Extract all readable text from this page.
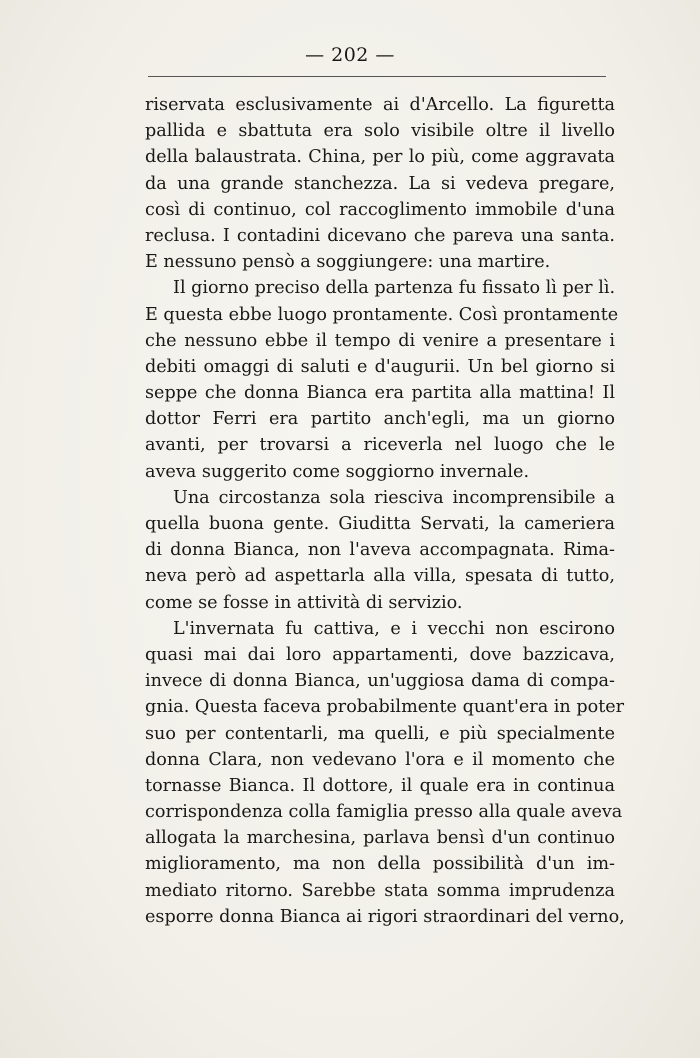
— 202 —
riservata esclusivamente ai d'Arcello. La figuretta
pallida e sbattuta era solo visibile oltre il livello
della balaustrata. China, per lo più, come aggravata
da una grande stanchezza. La si vedeva pregare,
così di continuo, col raccoglimento immobile d'una
reclusa. I contadini dicevano che pareva una santa.
E nessuno pensò a soggiungere: una martire.
Il giorno preciso della partenza fu fissato lì per lì.
E questa ebbe luogo prontamente. Così prontamente
che nessuno ebbe il tempo di venire a presentare i
debiti omaggi di saluti e d'augurii. Un bel giorno si
seppe che donna Bianca era partita alla mattina! Il
dottor Ferri era partito anch'egli, ma un giorno
avanti, per trovarsi a riceverla nel luogo che le
aveva suggerito come soggiorno invernale.
Una circostanza sola riesciva incomprensibile a
quella buona gente. Giuditta Servati, la cameriera
di donna Bianca, non l'aveva accompagnata. Rima-
neva però ad aspettarla alla villa, spesata di tutto,
come se fosse in attività di servizio.
L'invernata fu cattiva, e i vecchi non escirono
quasi mai dai loro appartamenti, dove bazzicava,
invece di donna Bianca, un'uggiosa dama di compa-
gnia. Questa faceva probabilmente quant'era in poter
suo per contentarli, ma quelli, e più specialmente
donna Clara, non vedevano l'ora e il momento che
tornasse Bianca. Il dottore, il quale era in continua
corrispondenza colla famiglia presso alla quale aveva
allogata la marchesina, parlava bensì d'un continuo
miglioramento, ma non della possibilità d'un im-
mediato ritorno. Sarebbe stata somma imprudenza
esporre donna Bianca ai rigori straordinari del verno,
